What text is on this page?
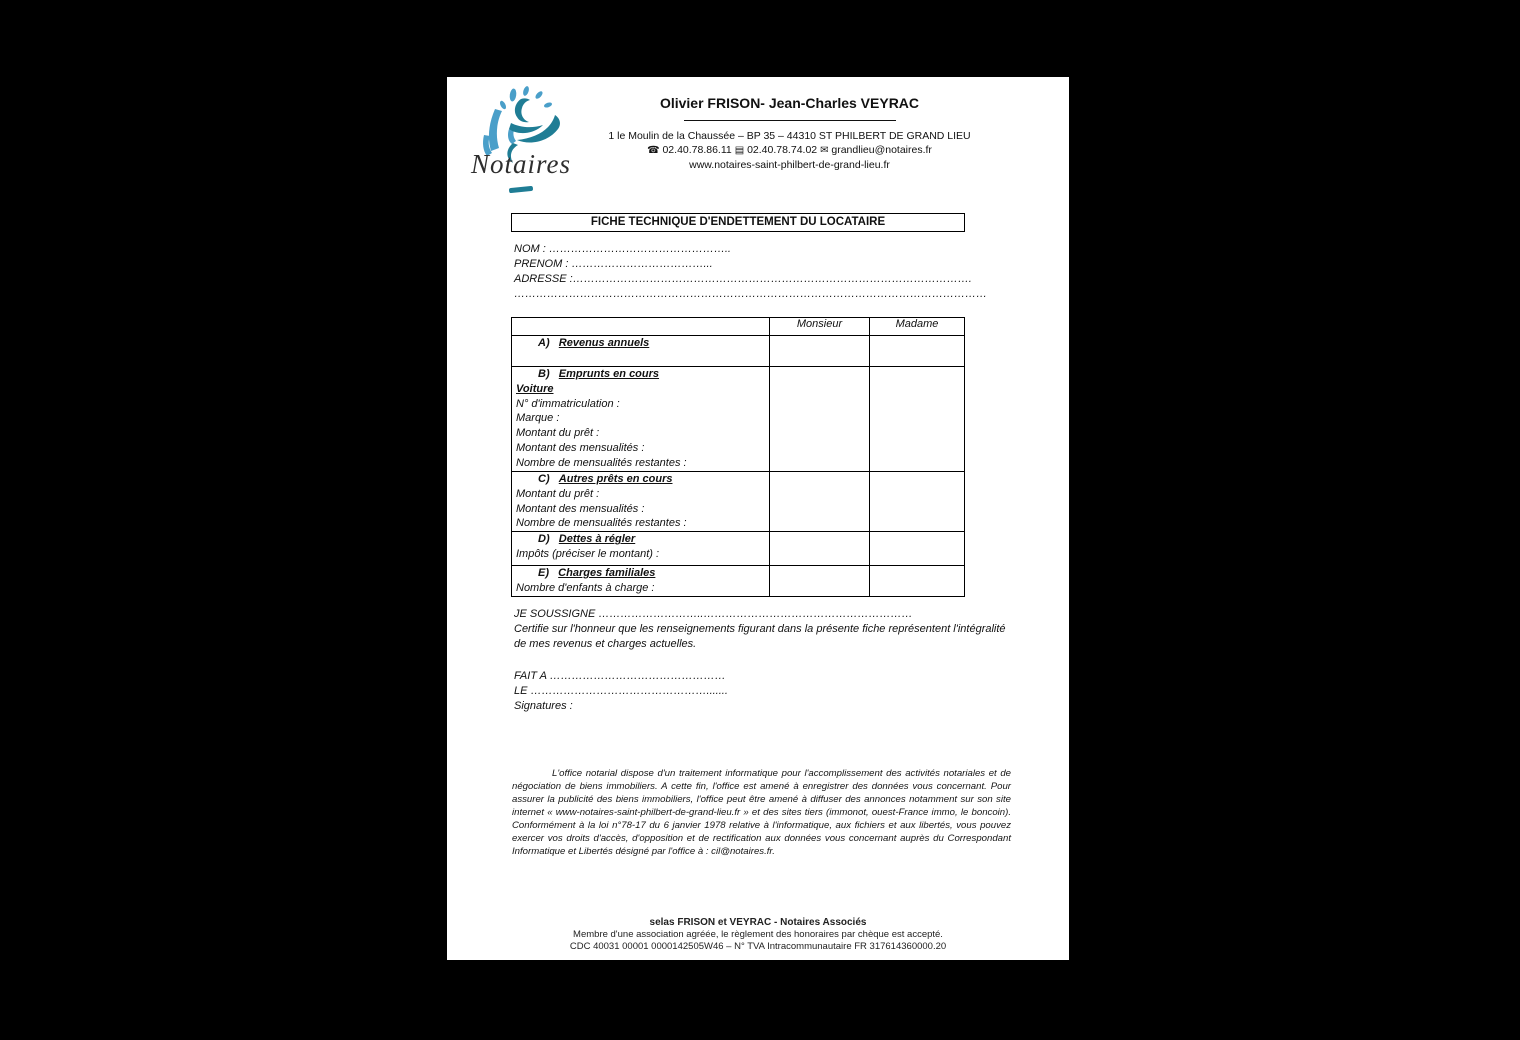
Notaires
Olivier FRISON- Jean-Charles VEYRAC
1 le Moulin de la Chaussée – BP 35 – 44310 ST PHILBERT DE GRAND LIEU
☎ 02.40.78.86.11 ▤ 02.40.78.74.02 ✉ grandlieu@notaires.fr
www.notaires-saint-philbert-de-grand-lieu.fr
FICHE TECHNIQUE D'ENDETTEMENT DU LOCATAIRE
NOM : …………………………………………..
PRENOM : ………………………………...
ADRESSE :……………………………………………………………………………………………….
…………………………………………………………………………………………………………………
	Monsieur	Madame

A)   Revenus annuels		

B)   Emprunts en cours
Voiture
N° d'immatriculation :
Marque :
Montant du prêt :
Montant des mensualités :
Nombre de mensualités restantes :

C)   Autres prêts en cours
Montant du prêt :
Montant des mensualités :
Nombre de mensualités restantes :		

D)   Dettes à régler
Impôts (préciser le montant) :		

E)   Charges familiales
Nombre d'enfants à charge :		

JE SOUSSIGNE ………………………..…………………………………………………
Certifie sur l'honneur que les renseignements figurant dans la présente fiche représentent l'intégralité de mes revenus et charges actuelles.
FAIT A …………………………………………
LE ………………………………………….......
Signatures :
L'office notarial dispose d'un traitement informatique pour l'accomplissement des activités notariales et de négociation de biens immobiliers. A cette fin, l'office est amené à enregistrer des données vous concernant. Pour assurer la publicité des biens immobiliers, l'office peut être amené à diffuser des annonces notamment sur son site internet « www-notaires-saint-philbert-de-grand-lieu.fr » et des sites tiers (immonot, ouest-France immo, le boncoin). Conformément à la loi n°78-17 du 6 janvier 1978 relative à l'informatique, aux fichiers et aux libertés, vous pouvez exercer vos droits d'accès, d'opposition et de rectification aux données vous concernant auprès du Correspondant Informatique et Libertés désigné par l'office à : cil@notaires.fr.
selas FRISON et VEYRAC - Notaires Associés
Membre d'une association agréée, le règlement des honoraires par chèque est accepté.
CDC 40031 00001 0000142505W46 – N° TVA Intracommunautaire FR 317614360000.20
